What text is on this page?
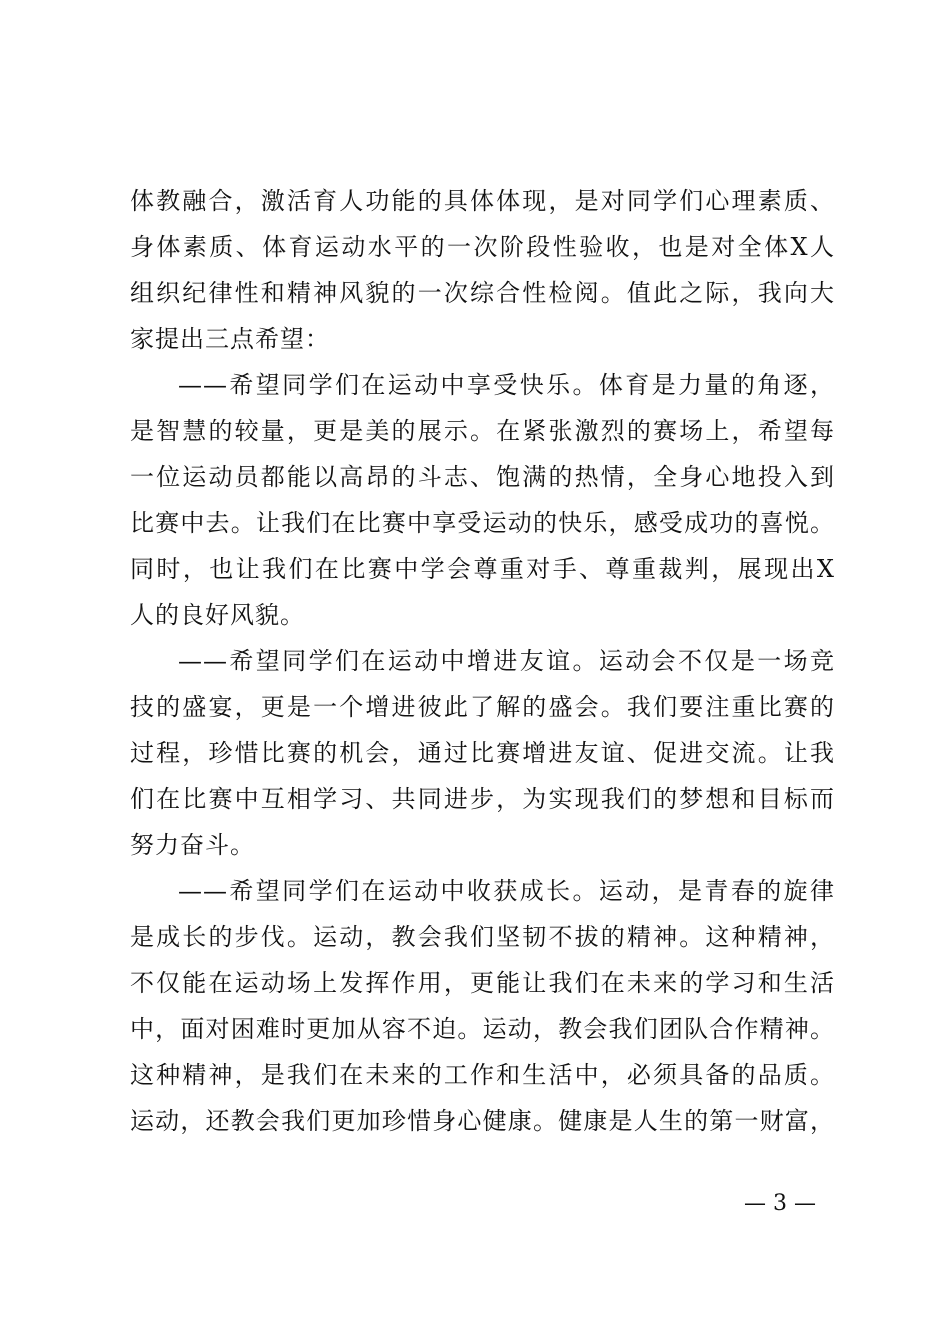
体教融合，激活育人功能的具体体现，是对同学们心理素质、
身体素质、体育运动水平的一次阶段性验收，也是对全体X人
组织纪律性和精神风貌的一次综合性检阅。值此之际，我向大
家提出三点希望：
——希望同学们在运动中享受快乐。体育是力量的角逐，
是智慧的较量，更是美的展示。在紧张激烈的赛场上，希望每
一位运动员都能以高昂的斗志、饱满的热情，全身心地投入到
比赛中去。让我们在比赛中享受运动的快乐，感受成功的喜悦。
同时，也让我们在比赛中学会尊重对手、尊重裁判，展现出X
人的良好风貌。
——希望同学们在运动中增进友谊。运动会不仅是一场竞
技的盛宴，更是一个增进彼此了解的盛会。我们要注重比赛的
过程，珍惜比赛的机会，通过比赛增进友谊、促进交流。让我
们在比赛中互相学习、共同进步，为实现我们的梦想和目标而
努力奋斗。
——希望同学们在运动中收获成长。运动，是青春的旋律
是成长的步伐。运动，教会我们坚韧不拔的精神。这种精神，
不仅能在运动场上发挥作用，更能让我们在未来的学习和生活
中，面对困难时更加从容不迫。运动，教会我们团队合作精神。
这种精神，是我们在未来的工作和生活中，必须具备的品质。
运动，还教会我们更加珍惜身心健康。健康是人生的第一财富，
— 3 —
